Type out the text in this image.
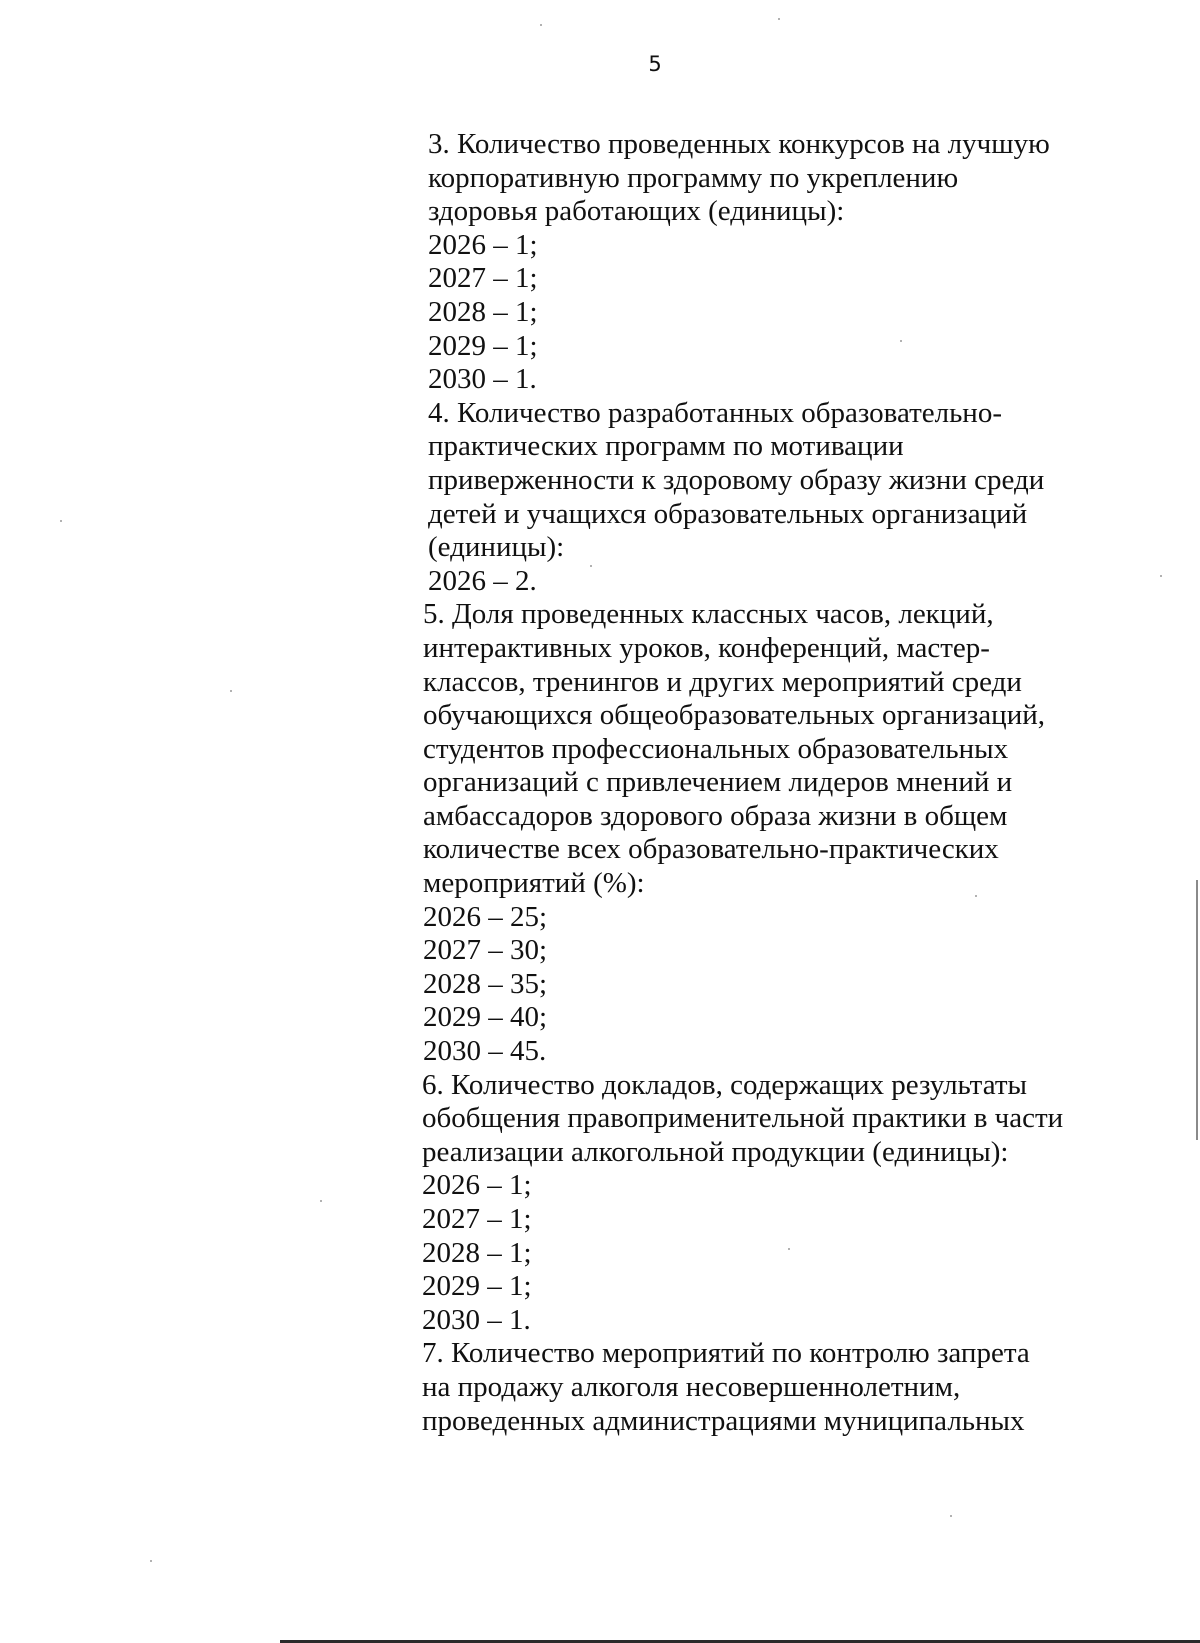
5
3. Количество проведенных конкурсов на лучшую
корпоративную программу по укреплению
здоровья работающих (единицы):
2026 – 1;
2027 – 1;
2028 – 1;
2029 – 1;
2030 – 1.
4. Количество разработанных образовательно-
практических программ по мотивации
приверженности к здоровому образу жизни среди
детей и учащихся образовательных организаций
(единицы):
2026 – 2.
5. Доля проведенных классных часов, лекций,
интерактивных уроков, конференций, мастер-
классов, тренингов и других мероприятий среди
обучающихся общеобразовательных организаций,
студентов профессиональных образовательных
организаций с привлечением лидеров мнений и
амбассадоров здорового образа жизни в общем
количестве всех образовательно-практических
мероприятий (%):
2026 – 25;
2027 – 30;
2028 – 35;
2029 – 40;
2030 – 45.
6. Количество докладов, содержащих результаты
обобщения правоприменительной практики в части
реализации алкогольной продукции (единицы):
2026 – 1;
2027 – 1;
2028 – 1;
2029 – 1;
2030 – 1.
7. Количество мероприятий по контролю запрета
на продажу алкоголя несовершеннолетним,
проведенных администрациями муниципальных
